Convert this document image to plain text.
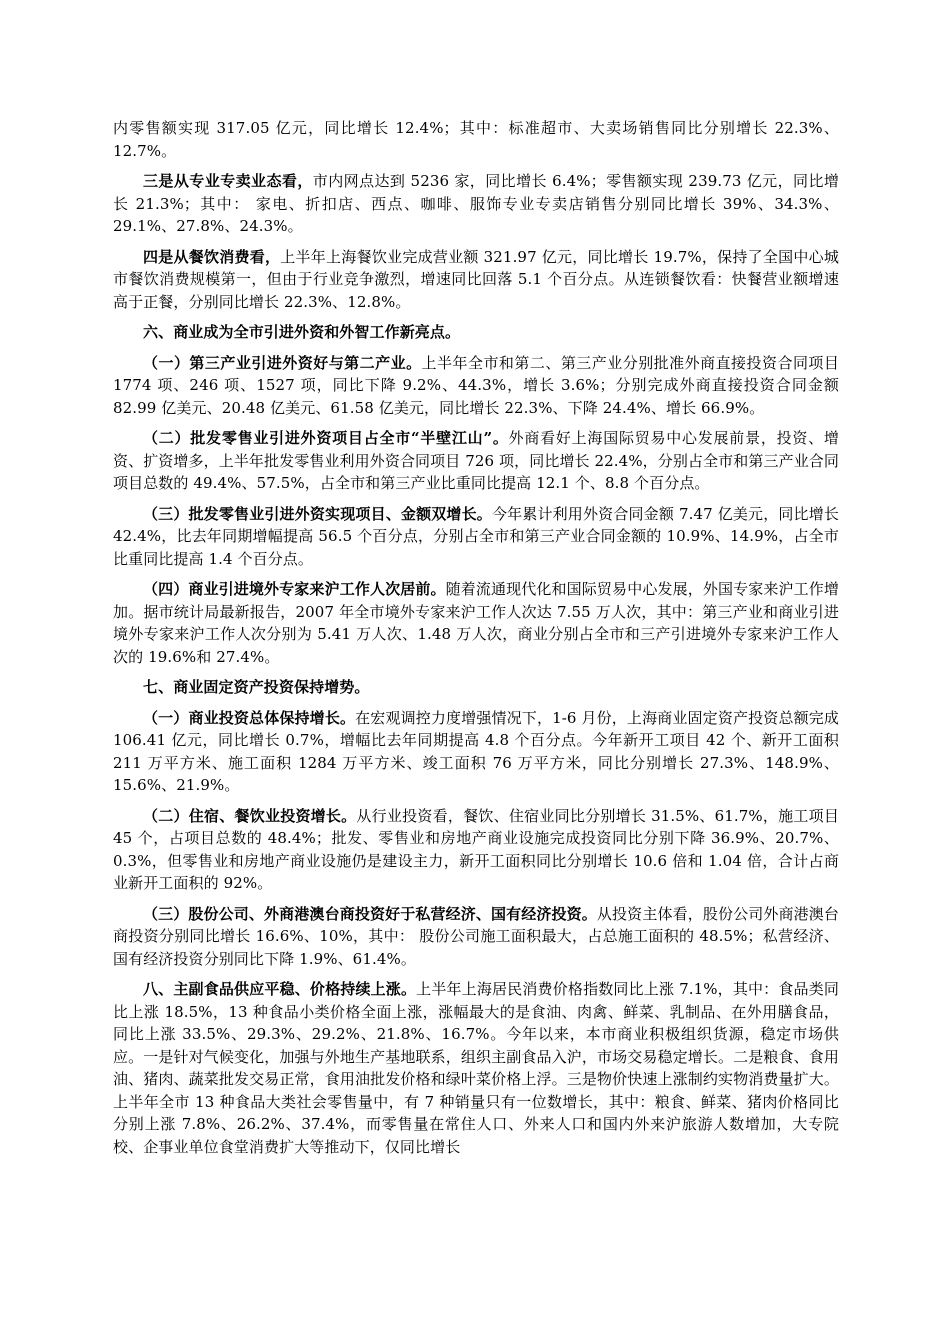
内零售额实现 317.05 亿元，同比增长 12.4%；其中：标准超市、大卖场销售同比分别增长 22.3%、12.7%。

三是从专业专卖业态看，市内网点达到 5236 家，同比增长 6.4%；零售额实现 239.73 亿元，同比增长 21.3%；其中： 家电、折扣店、西点、咖啡、服饰专业专卖店销售分别同比增长 39%、34.3%、29.1%、27.8%、24.3%。

四是从餐饮消费看，上半年上海餐饮业完成营业额 321.97 亿元，同比增长 19.7%，保持了全国中心城市餐饮消费规模第一，但由于行业竞争激烈，增速同比回落 5.1 个百分点。从连锁餐饮看：快餐营业额增速高于正餐，分别同比增长 22.3%、12.8%。

六、商业成为全市引进外资和外智工作新亮点。

（一）第三产业引进外资好与第二产业。上半年全市和第二、第三产业分别批准外商直接投资合同项目 1774 项、246 项、1527 项，同比下降 9.2%、44.3%，增长 3.6%；分别完成外商直接投资合同金额 82.99 亿美元、20.48 亿美元、61.58 亿美元，同比增长 22.3%、下降 24.4%、增长 66.9%。

（二）批发零售业引进外资项目占全市“半壁江山”。外商看好上海国际贸易中心发展前景，投资、增资、扩资增多，上半年批发零售业利用外资合同项目 726 项，同比增长 22.4%，分别占全市和第三产业合同项目总数的 49.4%、57.5%，占全市和第三产业比重同比提高 12.1 个、8.8 个百分点。

（三）批发零售业引进外资实现项目、金额双增长。今年累计利用外资合同金额 7.47 亿美元，同比增长 42.4%，比去年同期增幅提高 56.5 个百分点，分别占全市和第三产业合同金额的 10.9%、14.9%，占全市比重同比提高 1.4 个百分点。

（四）商业引进境外专家来沪工作人次居前。随着流通现代化和国际贸易中心发展，外国专家来沪工作增加。据市统计局最新报告，2007 年全市境外专家来沪工作人次达 7.55 万人次，其中：第三产业和商业引进境外专家来沪工作人次分别为 5.41 万人次、1.48 万人次，商业分别占全市和三产引进境外专家来沪工作人次的 19.6%和 27.4%。

七、商业固定资产投资保持增势。

（一）商业投资总体保持增长。在宏观调控力度增强情况下，1-6 月份，上海商业固定资产投资总额完成 106.41 亿元，同比增长 0.7%，增幅比去年同期提高 4.8 个百分点。今年新开工项目 42 个、新开工面积 211 万平方米、施工面积 1284 万平方米、竣工面积 76 万平方米，同比分别增长 27.3%、148.9%、15.6%、21.9%。

（二）住宿、餐饮业投资增长。从行业投资看，餐饮、住宿业同比分别增长 31.5%、61.7%，施工项目 45 个，占项目总数的 48.4%；批发、零售业和房地产商业设施完成投资同比分别下降 36.9%、20.7%、0.3%，但零售业和房地产商业设施仍是建设主力，新开工面积同比分别增长 10.6 倍和 1.04 倍，合计占商业新开工面积的 92%。

（三）股份公司、外商港澳台商投资好于私营经济、国有经济投资。从投资主体看，股份公司外商港澳台商投资分别同比增长 16.6%、10%，其中： 股份公司施工面积最大，占总施工面积的 48.5%；私营经济、国有经济投资分别同比下降 1.9%、61.4%。

八、主副食品供应平稳、价格持续上涨。上半年上海居民消费价格指数同比上涨 7.1%，其中：食品类同比上涨 18.5%，13 种食品小类价格全面上涨，涨幅最大的是食油、肉禽、鲜菜、乳制品、在外用膳食品，同比上涨 33.5%、29.3%、29.2%、21.8%、16.7%。今年以来，本市商业积极组织货源，稳定市场供应。一是针对气候变化，加强与外地生产基地联系，组织主副食品入沪，市场交易稳定增长。二是粮食、食用油、猪肉、蔬菜批发交易正常，食用油批发价格和绿叶菜价格上浮。三是物价快速上涨制约实物消费量扩大。上半年全市 13 种食品大类社会零售量中，有 7 种销量只有一位数增长，其中：粮食、鲜菜、猪肉价格同比分别上涨 7.8%、26.2%、37.4%，而零售量在常住人口、外来人口和国内外来沪旅游人数增加，大专院校、企事业单位食堂消费扩大等推动下，仅同比增长
